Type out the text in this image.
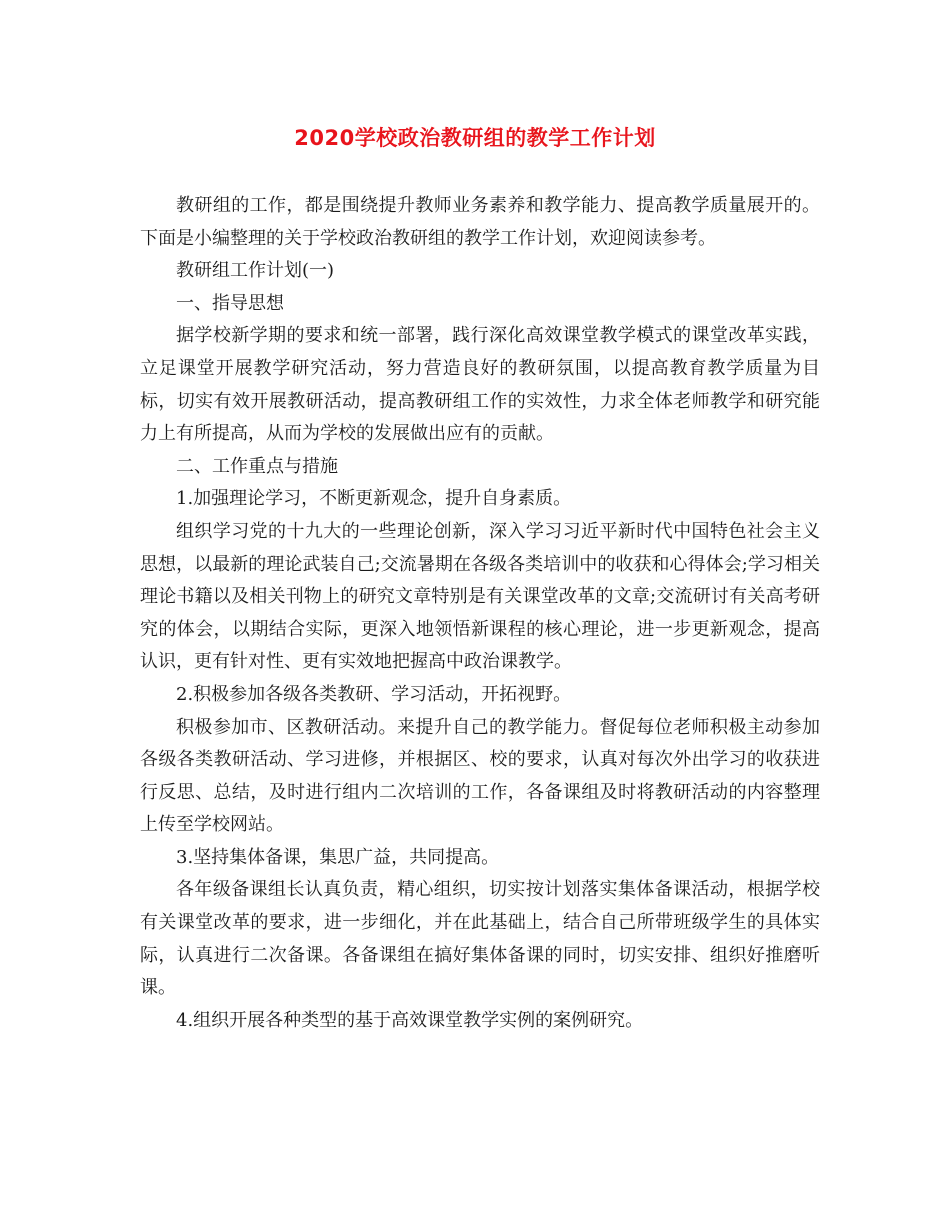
2020学校政治教研组的教学工作计划

教研组的工作，都是围绕提升教师业务素养和教学能力、提高教学质量展开的。下面是小编整理的关于学校政治教研组的教学工作计划，欢迎阅读参考。

教研组工作计划(一)

一、指导思想

据学校新学期的要求和统一部署，践行深化高效课堂教学模式的课堂改革实践，立足课堂开展教学研究活动，努力营造良好的教研氛围，以提高教育教学质量为目标，切实有效开展教研活动，提高教研组工作的实效性，力求全体老师教学和研究能力上有所提高，从而为学校的发展做出应有的贡献。

二、工作重点与措施

1.加强理论学习，不断更新观念，提升自身素质。

组织学习党的十九大的一些理论创新，深入学习习近平新时代中国特色社会主义思想，以最新的理论武装自己;交流暑期在各级各类培训中的收获和心得体会;学习相关理论书籍以及相关刊物上的研究文章特别是有关课堂改革的文章;交流研讨有关高考研究的体会，以期结合实际，更深入地领悟新课程的核心理论，进一步更新观念，提高认识，更有针对性、更有实效地把握高中政治课教学。

2.积极参加各级各类教研、学习活动，开拓视野。

积极参加市、区教研活动。来提升自己的教学能力。督促每位老师积极主动参加各级各类教研活动、学习进修，并根据区、校的要求，认真对每次外出学习的收获进行反思、总结，及时进行组内二次培训的工作，各备课组及时将教研活动的内容整理上传至学校网站。

3.坚持集体备课，集思广益，共同提高。

各年级备课组长认真负责，精心组织，切实按计划落实集体备课活动，根据学校有关课堂改革的要求，进一步细化，并在此基础上，结合自己所带班级学生的具体实际，认真进行二次备课。各备课组在搞好集体备课的同时，切实安排、组织好推磨听课。

4.组织开展各种类型的基于高效课堂教学实例的案例研究。
